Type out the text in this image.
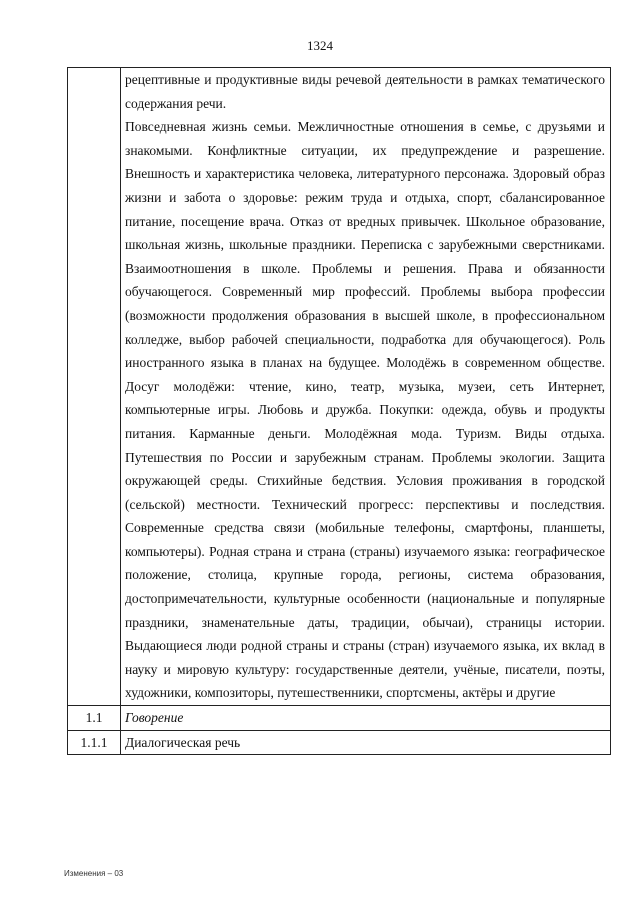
1324

	рецептивные и продуктивные виды речевой деятельности в рамках тематического содержания речи.

Повседневная жизнь семьи. Межличностные отношения в семье, с друзьями и знакомыми. Конфликтные ситуации, их предупреждение и разрешение. Внешность и характеристика человека, литературного персонажа. Здоровый образ жизни и забота о здоровье: режим труда и отдыха, спорт, сбалансированное питание, посещение врача. Отказ от вредных привычек. Школьное образование, школьная жизнь, школьные праздники. Переписка с зарубежными сверстниками. Взаимоотношения в школе. Проблемы и решения. Права и обязанности обучающегося. Современный мир профессий. Проблемы выбора профессии (возможности продолжения образования в высшей школе, в профессиональном колледже, выбор рабочей специальности, подработка для обучающегося). Роль иностранного языка в планах на будущее. Молодёжь в современном обществе. Досуг молодёжи: чтение, кино, театр, музыка, музеи, сеть Интернет, компьютерные игры. Любовь и дружба. Покупки: одежда, обувь и продукты питания. Карманные деньги. Молодёжная мода. Туризм. Виды отдыха. Путешествия по России и зарубежным странам. Проблемы экологии. Защита окружающей среды. Стихийные бедствия. Условия проживания в городской (сельской) местности. Технический прогресс: перспективы и последствия. Современные средства связи (мобильные телефоны, смартфоны, планшеты, компьютеры). Родная страна и страна (страны) изучаемого языка: географическое положение, столица, крупные города, регионы, система образования, достопримечательности, культурные особенности (национальные и популярные праздники, знаменательные даты, традиции, обычаи), страницы истории. Выдающиеся люди родной страны и страны (стран) изучаемого языка, их вклад в науку и мировую культуру: государственные деятели, учёные, писатели, поэты, художники, композиторы, путешественники, спортсмены, актёры и другие

1.1	Говорение
1.1.1	Диалогическая речь
Изменения – 03
